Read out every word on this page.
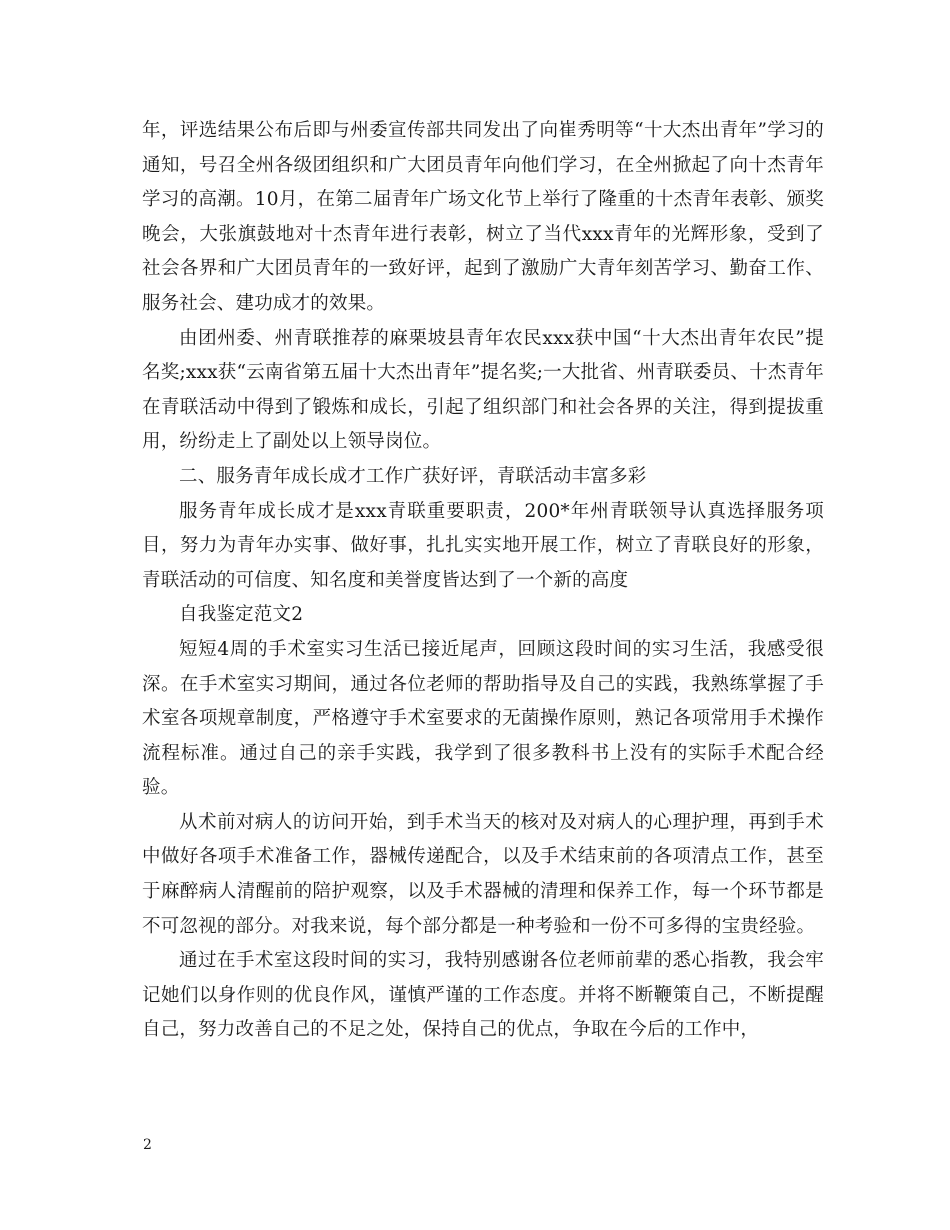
年，评选结果公布后即与州委宣传部共同发出了向崔秀明等“十大杰出青年”学习的通知，号召全州各级团组织和广大团员青年向他们学习，在全州掀起了向十杰青年学习的高潮。10月，在第二届青年广场文化节上举行了隆重的十杰青年表彰、颁奖晚会，大张旗鼓地对十杰青年进行表彰，树立了当代xxx青年的光辉形象，受到了社会各界和广大团员青年的一致好评，起到了激励广大青年刻苦学习、勤奋工作、服务社会、建功成才的效果。

由团州委、州青联推荐的麻栗坡县青年农民xxx获中国“十大杰出青年农民”提名奖;xxx获“云南省第五届十大杰出青年”提名奖;一大批省、州青联委员、十杰青年在青联活动中得到了锻炼和成长，引起了组织部门和社会各界的关注，得到提拔重用，纷纷走上了副处以上领导岗位。

二、服务青年成长成才工作广获好评，青联活动丰富多彩

服务青年成长成才是xxx青联重要职责，200*年州青联领导认真选择服务项目，努力为青年办实事、做好事，扎扎实实地开展工作，树立了青联良好的形象，青联活动的可信度、知名度和美誉度皆达到了一个新的高度

自我鉴定范文2

短短4周的手术室实习生活已接近尾声，回顾这段时间的实习生活，我感受很深。在手术室实习期间，通过各位老师的帮助指导及自己的实践，我熟练掌握了手术室各项规章制度，严格遵守手术室要求的无菌操作原则，熟记各项常用手术操作流程标准。通过自己的亲手实践，我学到了很多教科书上没有的实际手术配合经验。

从术前对病人的访问开始，到手术当天的核对及对病人的心理护理，再到手术中做好各项手术准备工作，器械传递配合，以及手术结束前的各项清点工作，甚至于麻醉病人清醒前的陪护观察，以及手术器械的清理和保养工作，每一个环节都是不可忽视的部分。对我来说，每个部分都是一种考验和一份不可多得的宝贵经验。

通过在手术室这段时间的实习，我特别感谢各位老师前辈的悉心指教，我会牢记她们以身作则的优良作风，谨慎严谨的工作态度。并将不断鞭策自己，不断提醒自己，努力改善自己的不足之处，保持自己的优点，争取在今后的工作中，

2
